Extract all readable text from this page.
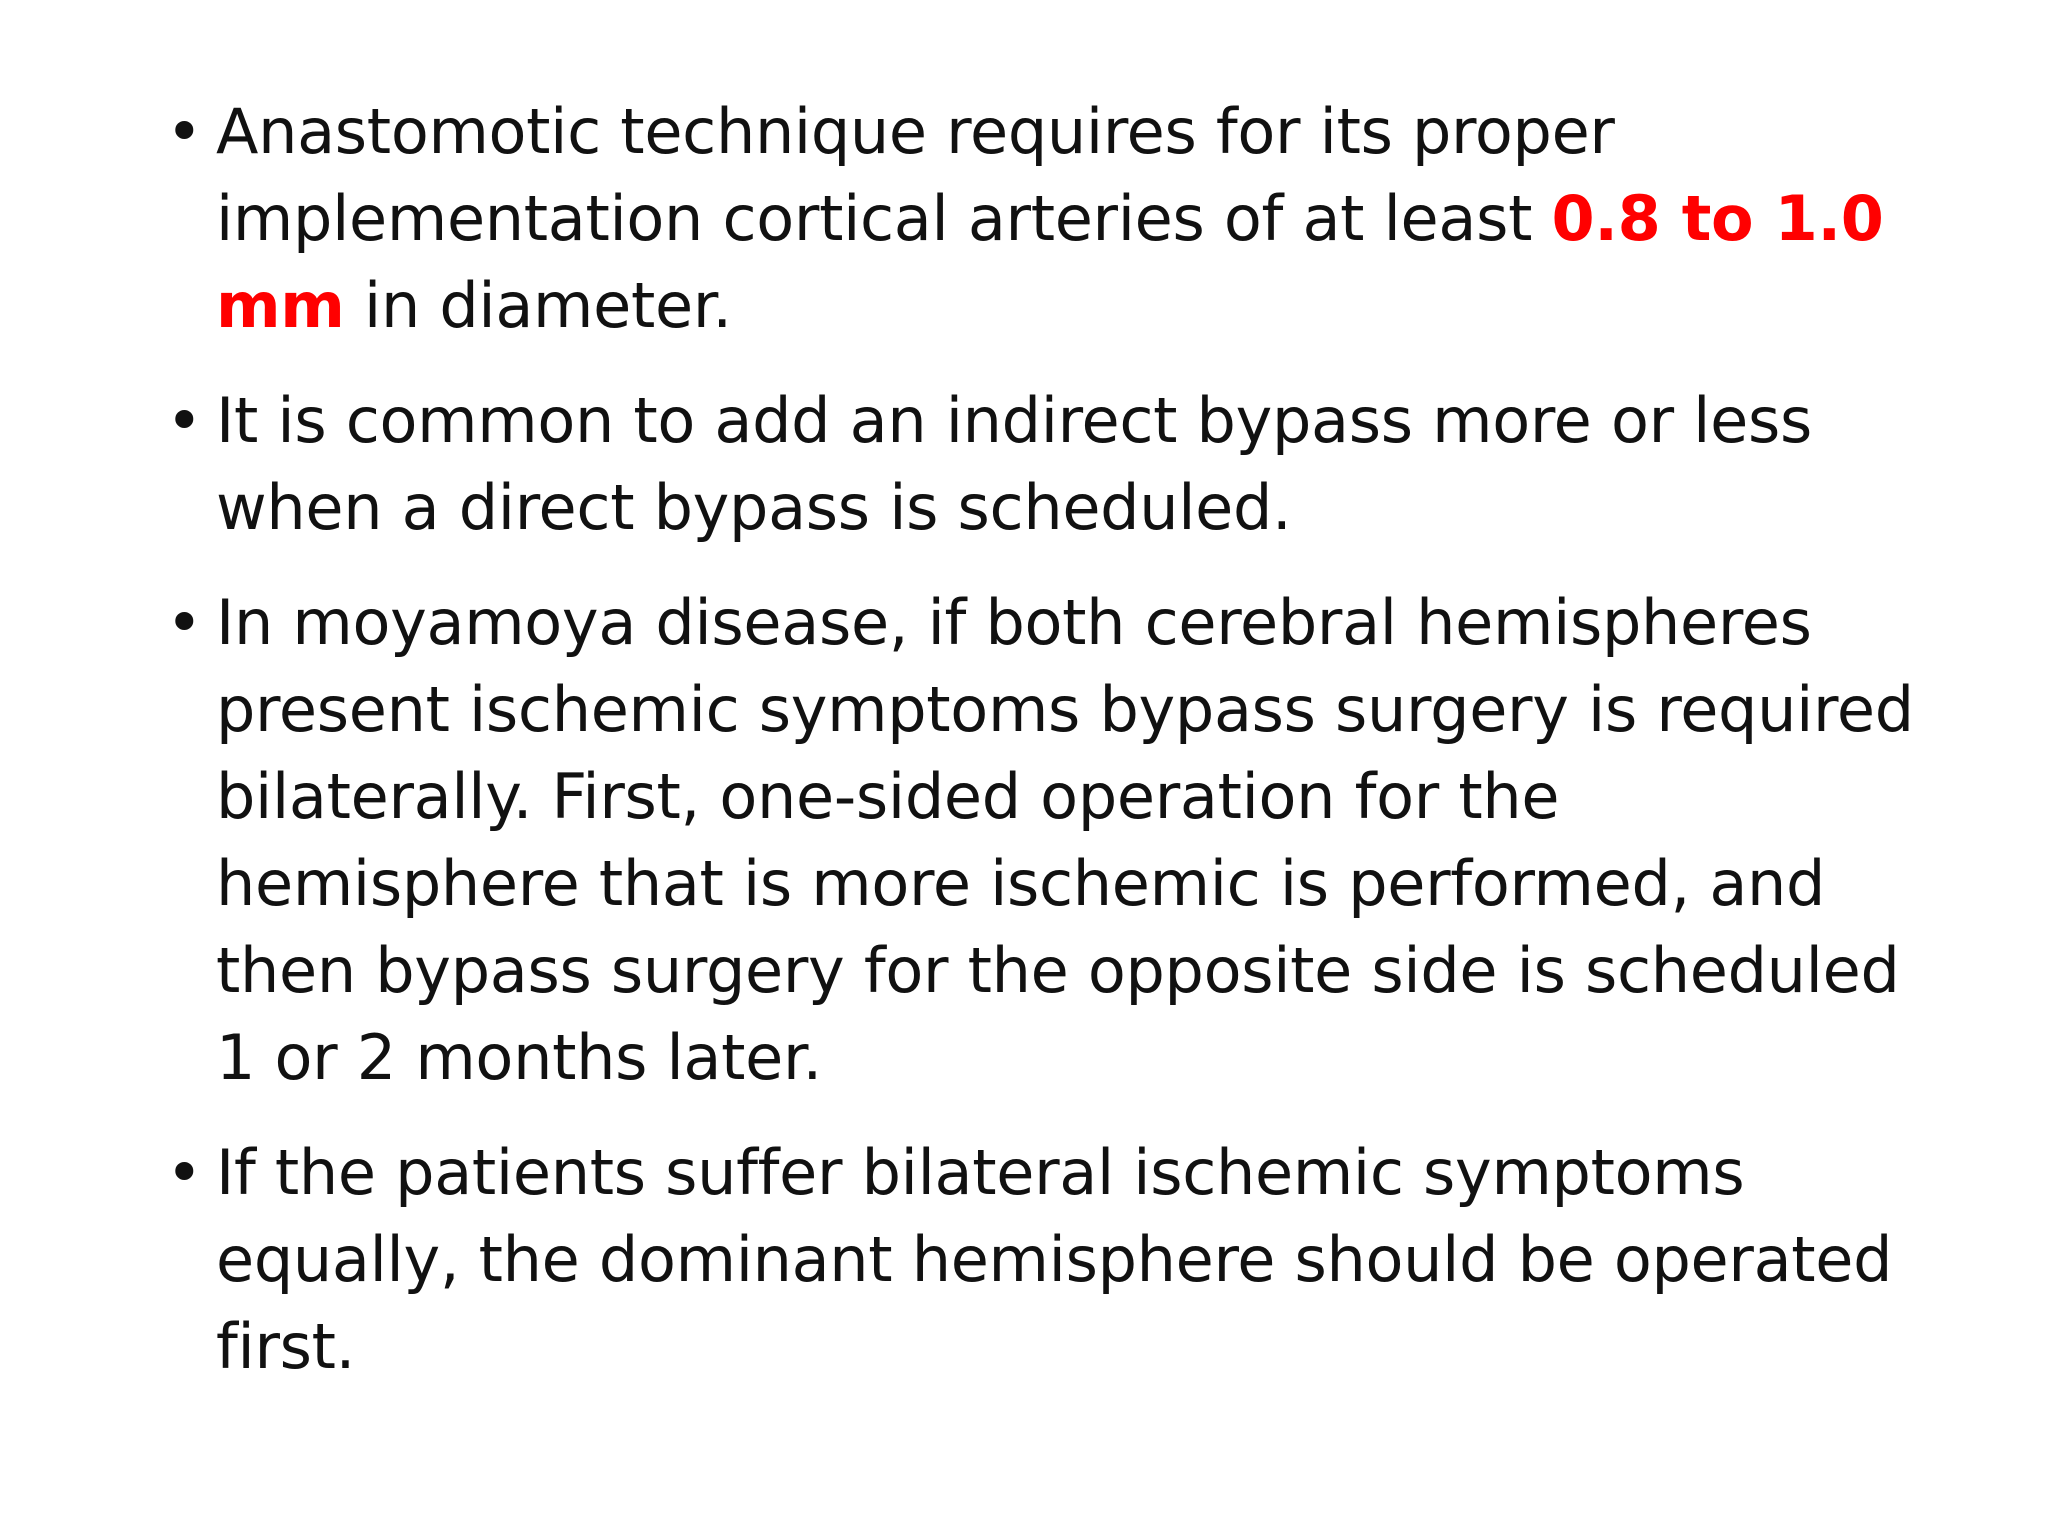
• Anastomotic technique requires for its proper implementation cortical arteries of at least 0.8 to 1.0 mm in diameter.
• It is common to add an indirect bypass more or less when a direct bypass is scheduled.
• In moyamoya disease, if both cerebral hemispheres present ischemic symptoms bypass surgery is required bilaterally. First, one-sided operation for the hemisphere that is more ischemic is performed, and then bypass surgery for the opposite side is scheduled 1 or 2 months later.
• If the patients suffer bilateral ischemic symptoms equally, the dominant hemisphere should be operated first.
